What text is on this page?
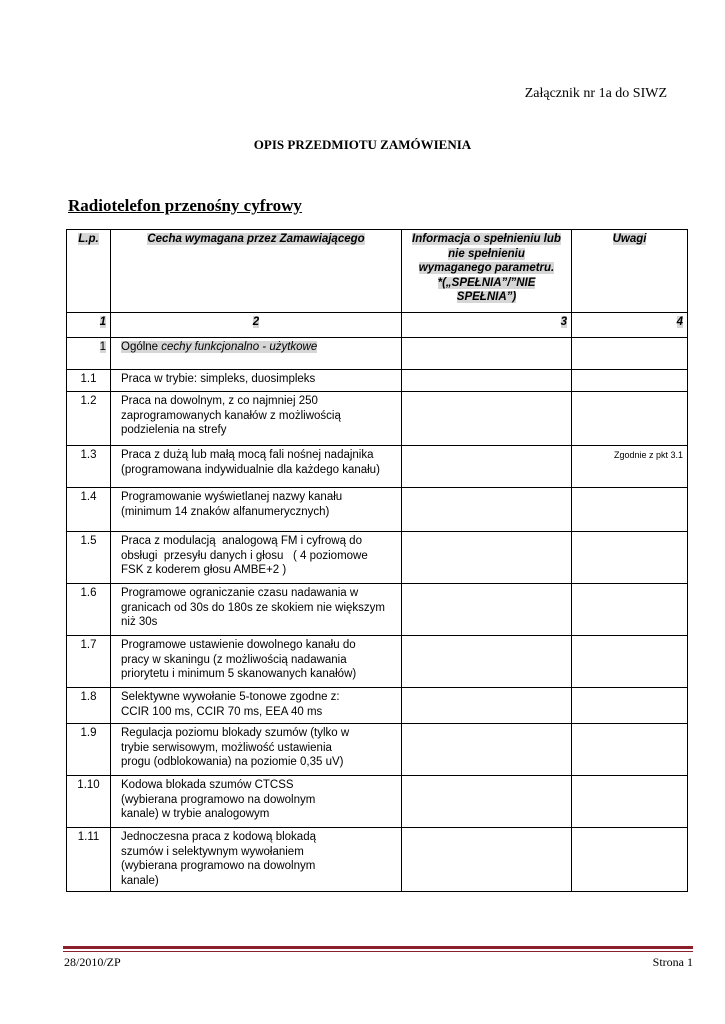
Załącznik nr 1a do SIWZ
OPIS PRZEDMIOTU ZAMÓWIENIA
Radiotelefon przenośny cyfrowy
L.p.	Cecha wymagana przez Zamawiającego	Informacja o spełnieniu lub
nie spełnieniu
wymaganego parametru.
*(„SPEŁNIA”/”NIE
SPEŁNIA”)	Uwagi
1	2	3	4
1	Ogólne cechy funkcjonalno - użytkowe		
1.1	Praca w trybie: simpleks, duosimpleks		
1.2	Praca na dowolnym, z co najmniej 250
zaprogramowanych kanałów z możliwością
podzielenia na strefy		
1.3	Praca z dużą lub małą mocą fali nośnej nadajnika
(programowana indywidualnie dla każdego kanału)		Zgodnie z pkt 3.1
1.4	Programowanie wyświetlanej nazwy kanału
(minimum 14 znaków alfanumerycznych)		
1.5	Praca z modulacją  analogową FM i cyfrową do
obsługi  przesyłu danych i głosu   ( 4 poziomowe
FSK z koderem głosu AMBE+2 )		
1.6	Programowe ograniczanie czasu nadawania w
granicach od 30s do 180s ze skokiem nie większym
niż 30s		
1.7	Programowe ustawienie dowolnego kanału do
pracy w skaningu (z możliwością nadawania
priorytetu i minimum 5 skanowanych kanałów)		
1.8	Selektywne wywołanie 5-tonowe zgodne z:
CCIR 100 ms, CCIR 70 ms, EEA 40 ms		
1.9	Regulacja poziomu blokady szumów (tylko w
trybie serwisowym, możliwość ustawienia
progu (odblokowania) na poziomie 0,35 uV)		
1.10	Kodowa blokada szumów CTCSS
(wybierana programowo na dowolnym
kanale) w trybie analogowym		
1.11	Jednoczesna praca z kodową blokadą
szumów i selektywnym wywołaniem
(wybierana programowo na dowolnym
kanale)		
28/2010/ZP	Strona 1
